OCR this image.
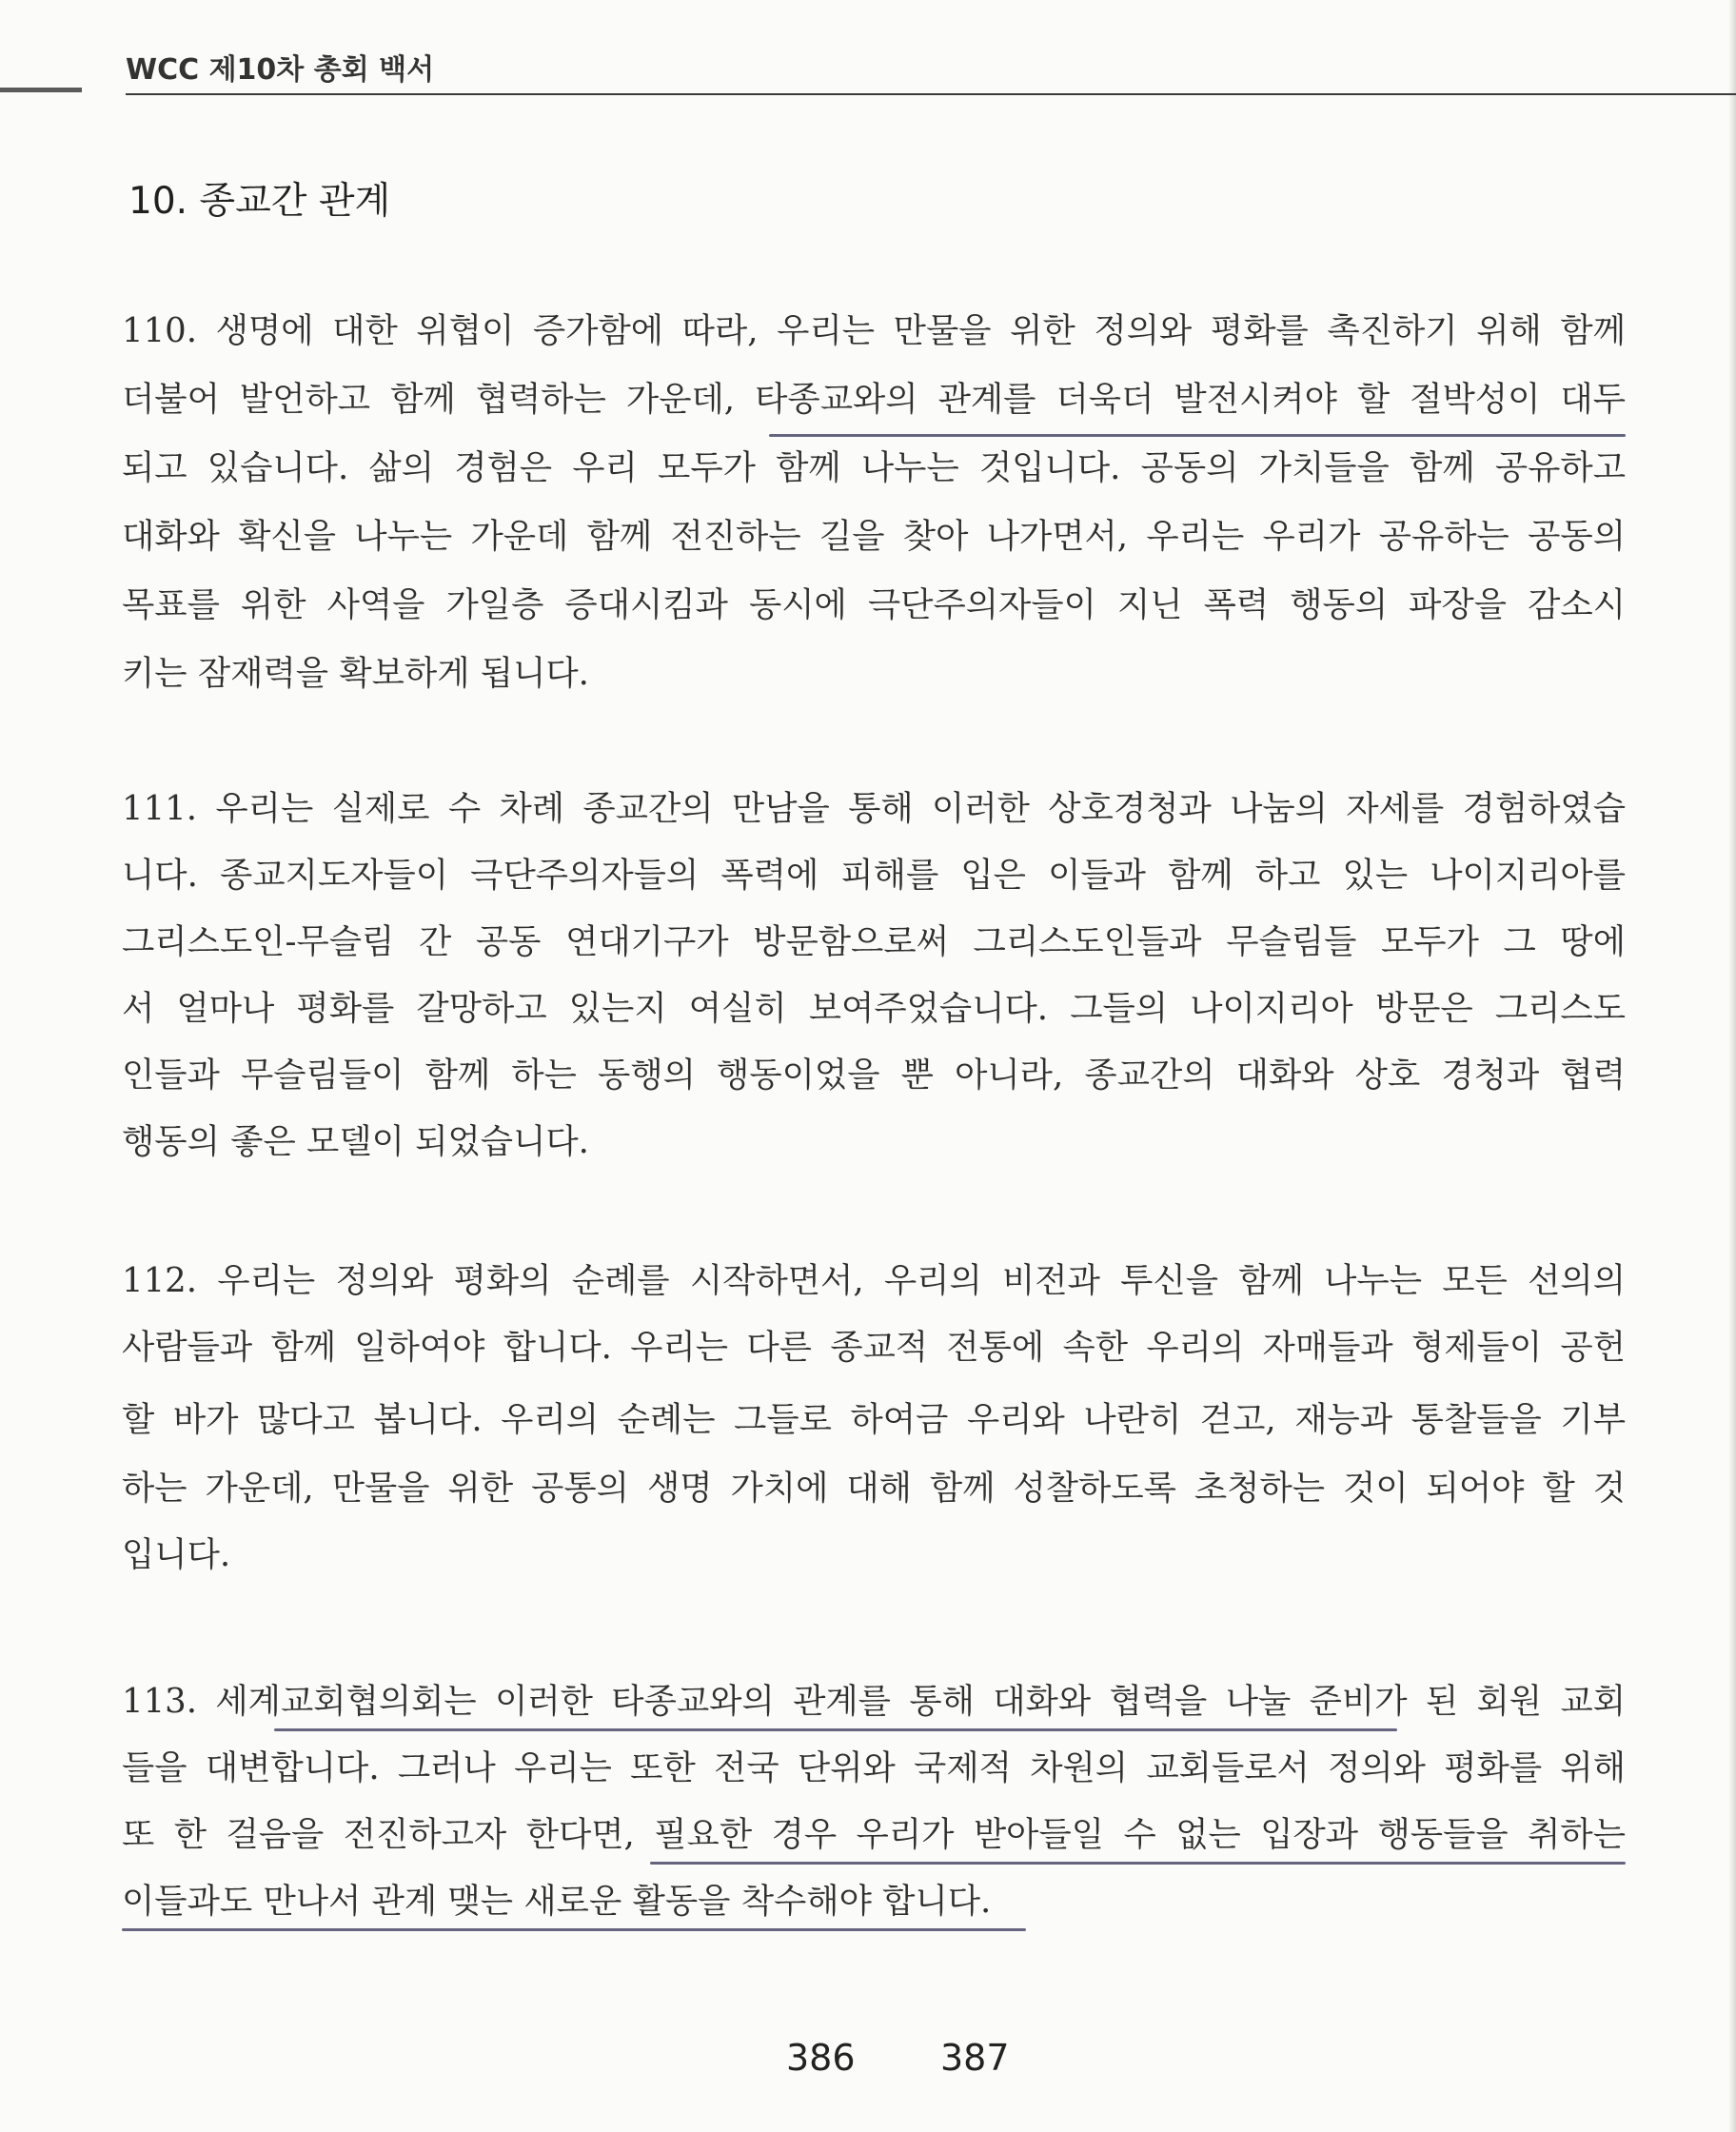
WCC 제10차 총회 백서
10. 종교간 관계
110. 생명에 대한 위협이 증가함에 따라, 우리는 만물을 위한 정의와 평화를 촉진하기 위해 함께
더불어 발언하고 함께 협력하는 가운데, 타종교와의 관계를 더욱더 발전시켜야 할 절박성이 대두
되고 있습니다. 삶의 경험은 우리 모두가 함께 나누는 것입니다. 공동의 가치들을 함께 공유하고
대화와 확신을 나누는 가운데 함께 전진하는 길을 찾아 나가면서, 우리는 우리가 공유하는 공동의
목표를 위한 사역을 가일층 증대시킴과 동시에 극단주의자들이 지닌 폭력 행동의 파장을 감소시
키는 잠재력을 확보하게 됩니다.
111. 우리는 실제로 수 차례 종교간의 만남을 통해 이러한 상호경청과 나눔의 자세를 경험하였습
니다. 종교지도자들이 극단주의자들의 폭력에 피해를 입은 이들과 함께 하고 있는 나이지리아를
그리스도인-무슬림 간 공동 연대기구가 방문함으로써 그리스도인들과 무슬림들 모두가 그 땅에
서 얼마나 평화를 갈망하고 있는지 여실히 보여주었습니다. 그들의 나이지리아 방문은 그리스도
인들과 무슬림들이 함께 하는 동행의 행동이었을 뿐 아니라, 종교간의 대화와 상호 경청과 협력
행동의 좋은 모델이 되었습니다.
112. 우리는 정의와 평화의 순례를 시작하면서, 우리의 비전과 투신을 함께 나누는 모든 선의의
사람들과 함께 일하여야 합니다. 우리는 다른 종교적 전통에 속한 우리의 자매들과 형제들이 공헌
할 바가 많다고 봅니다. 우리의 순례는 그들로 하여금 우리와 나란히 걷고, 재능과 통찰들을 기부
하는 가운데, 만물을 위한 공통의 생명 가치에 대해 함께 성찰하도록 초청하는 것이 되어야 할 것
입니다.
113. 세계교회협의회는 이러한 타종교와의 관계를 통해 대화와 협력을 나눌 준비가 된 회원 교회
들을 대변합니다. 그러나 우리는 또한 전국 단위와 국제적 차원의 교회들로서 정의와 평화를 위해
또 한 걸음을 전진하고자 한다면, 필요한 경우 우리가 받아들일 수 없는 입장과 행동들을 취하는
이들과도 만나서 관계 맺는 새로운 활동을 착수해야 합니다.
386 387
